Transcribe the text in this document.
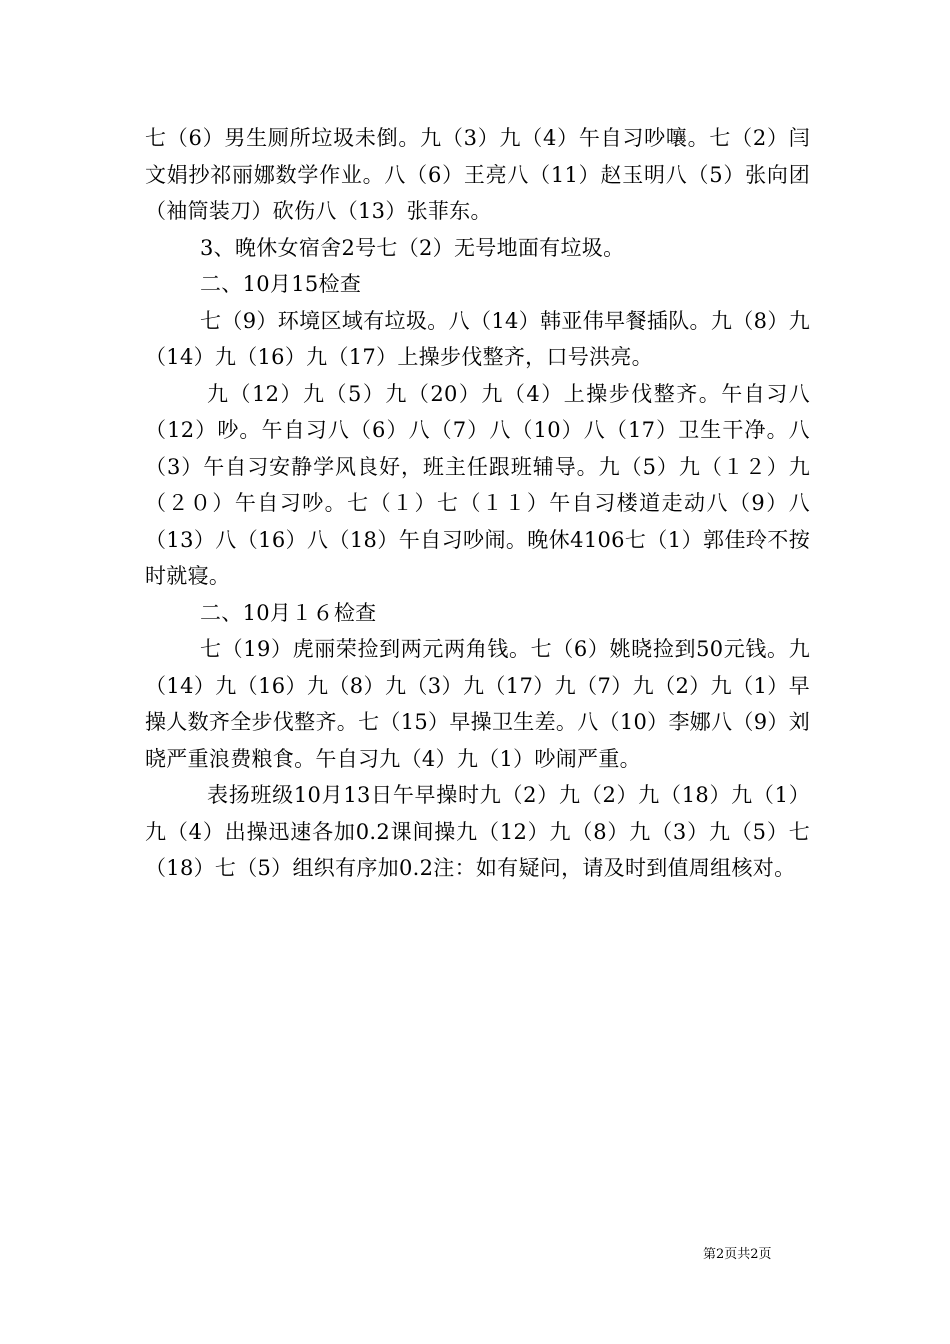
七（6）男生厕所垃圾未倒。九（3）九（4）午自习吵嚷。七（2）闫文娟抄祁丽娜数学作业。八（6）王亮八（11）赵玉明八（5）张向团（袖筒装刀）砍伤八（13）张菲东。

3、晚休女宿舍2号七（2）无号地面有垃圾。

二、10月15检查

七（9）环境区域有垃圾。八（14）韩亚伟早餐插队。九（8）九（14）九（16）九（17）上操步伐整齐，口号洪亮。

九（12）九（5）九（20）九（4）上操步伐整齐。午自习八（12）吵。午自习八（6）八（7）八（10）八（17）卫生干净。八（3）午自习安静学风良好，班主任跟班辅导。九（5）九（１２）九（２０）午自习吵。七（１）七（１１）午自习楼道走动八（9）八（13）八（16）八（18）午自习吵闹。晚休4106七（1）郭佳玲不按时就寝。

二、10月１６检查

七（19）虎丽荣捡到两元两角钱。七（6）姚晓捡到50元钱。九（14）九（16）九（8）九（3）九（17）九（7）九（2）九（1）早操人数齐全步伐整齐。七（15）早操卫生差。八（10）李娜八（9）刘晓严重浪费粮食。午自习九（4）九（1）吵闹严重。

表扬班级10月13日午早操时九（2）九（2）九（18）九（1）九（4）出操迅速各加0.2课间操九（12）九（8）九（3）九（5）七（18）七（5）组织有序加0.2注：如有疑问，请及时到值周组核对。

第2页共2页
